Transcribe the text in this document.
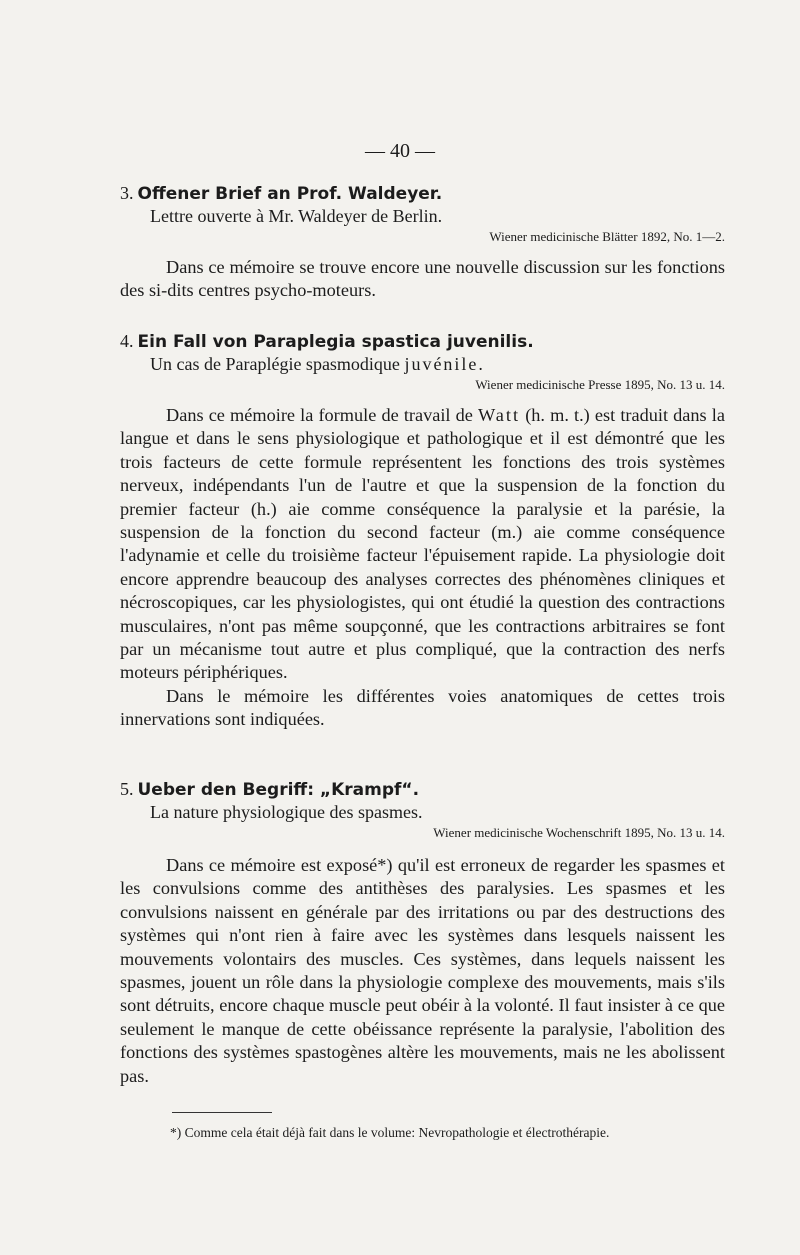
— 40 —
3. Offener Brief an Prof. Waldeyer.
Lettre ouverte à Mr. Waldeyer de Berlin.
Wiener medicinische Blätter 1892, No. 1—2.

Dans ce mémoire se trouve encore une nouvelle discussion sur les fonctions des si-dits centres psycho-moteurs.

4. Ein Fall von Paraplegia spastica juvenilis.
Un cas de Paraplégie spasmodique juvénile.
Wiener medicinische Presse 1895, No. 13 u. 14.

Dans ce mémoire la formule de travail de Watt (h. m. t.) est traduit dans la langue et dans le sens physiologique et pathologique et il est démontré que les trois facteurs de cette formule représentent les fonctions des trois systèmes nerveux, indépendants l'un de l'autre et que la suspension de la fonction du premier facteur (h.) aie comme conséquence la paralysie et la parésie, la suspension de la fonction du second facteur (m.) aie comme conséquence l'adynamie et celle du troisième facteur l'épuisement rapide. La physiologie doit encore apprendre beaucoup des analyses correctes des phénomènes cliniques et nécroscopiques, car les physiologistes, qui ont étudié la question des contractions musculaires, n'ont pas même soupçonné, que les contractions arbitraires se font par un mécanisme tout autre et plus compliqué, que la contraction des nerfs moteurs périphériques.

Dans le mémoire les différentes voies anatomiques de cettes trois innervations sont indiquées.

5. Ueber den Begriff: „Krampf“.
La nature physiologique des spasmes.
Wiener medicinische Wochenschrift 1895, No. 13 u. 14.

Dans ce mémoire est exposé*) qu'il est erroneux de regarder les spasmes et les convulsions comme des antithèses des paralysies. Les spasmes et les convulsions naissent en générale par des irritations ou par des destructions des systèmes qui n'ont rien à faire avec les systèmes dans lesquels naissent les mouvements volontairs des muscles. Ces systèmes, dans lequels naissent les spasmes, jouent un rôle dans la physiologie complexe des mouvements, mais s'ils sont détruits, encore chaque muscle peut obéir à la volonté. Il faut insister à ce que seulement le manque de cette obéissance représente la paralysie, l'abolition des fonctions des systèmes spastogènes altère les mouvements, mais ne les abolissent pas.

*) Comme cela était déjà fait dans le volume: Nevropathologie et électrothérapie.
